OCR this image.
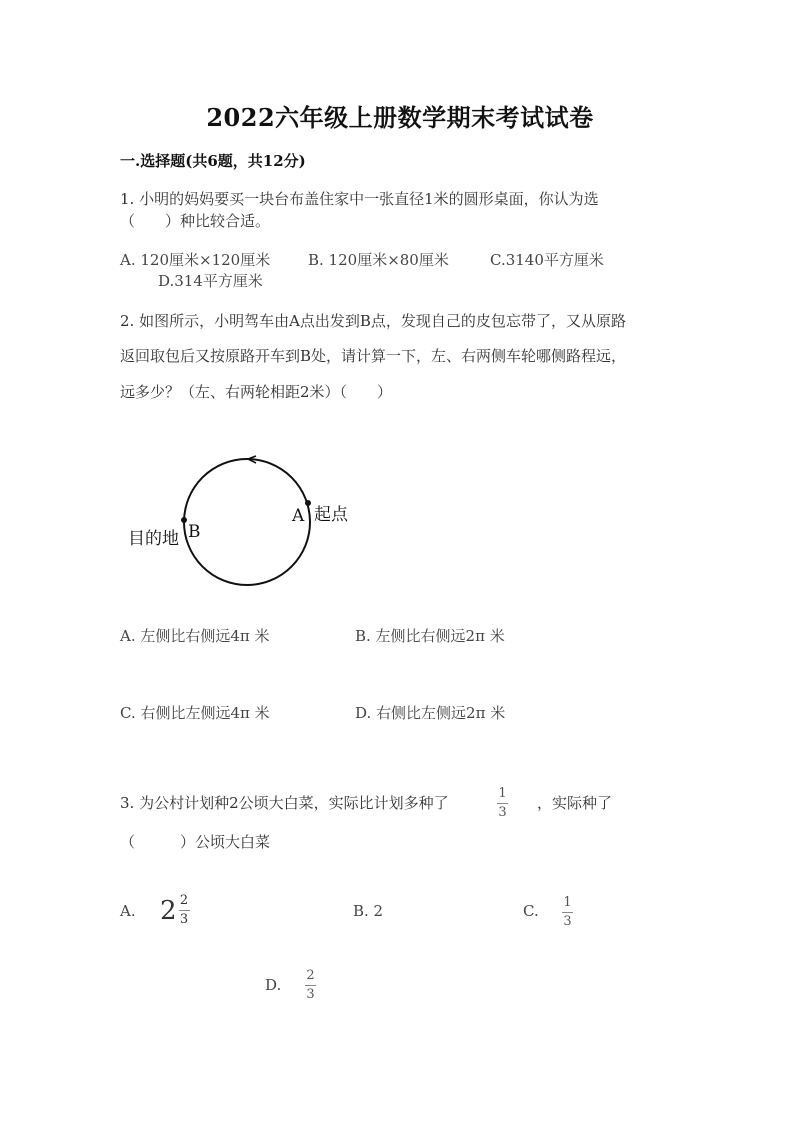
2022六年级上册数学期末考试试卷
一.选择题(共6题，共12分)
1. 小明的妈妈要买一块台布盖住家中一张直径1米的圆形桌面，你认为选
（　　）种比较合适。
A. 120厘米×120厘米	B. 120厘米×80厘米	C.3140平方厘米
D.314平方厘米
2. 如图所示，小明驾车由A点出发到B点，发现自己的皮包忘带了，又从原路
返回取包后又按原路开车到B处，请计算一下，左、右两侧车轮哪侧路程远，
远多少？（左、右两轮相距2米）（　　）
A 起点
B
目的地
A. 左侧比右侧远4π 米	B. 左侧比右侧远2π 米
C. 右侧比左侧远4π 米	D. 右侧比左侧远2π 米
3. 为公村计划种2公顷大白菜，实际比计划多种了	$\frac{1}{3}$ ，实际种了
（　　　）公顷大白菜
A. $2 \frac{2}{3}$	B. 2	C. $\frac{1}{3}$
D. $\frac{2}{3}$
